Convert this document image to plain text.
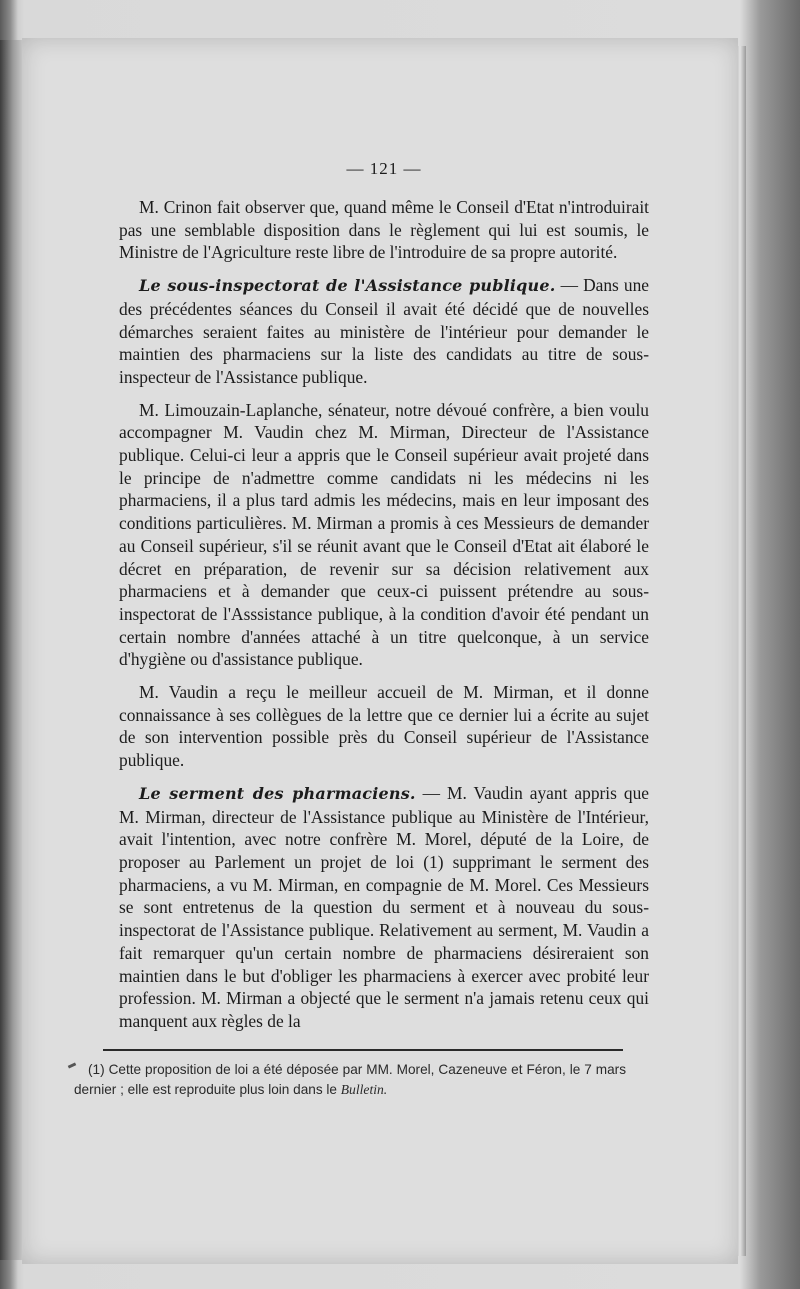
— 121 —

M. Crinon fait observer que, quand même le Conseil d'Etat n'introduirait pas une semblable disposition dans le règlement qui lui est soumis, le Ministre de l'Agriculture reste libre de l'introduire de sa propre autorité.

Le sous-inspectorat de l'Assistance publique. — Dans une des précédentes séances du Conseil il avait été décidé que de nouvelles démarches seraient faites au ministère de l'intérieur pour demander le maintien des pharmaciens sur la liste des candidats au titre de sous-inspecteur de l'Assistance publique.

M. Limouzain-Laplanche, sénateur, notre dévoué confrère, a bien voulu accompagner M. Vaudin chez M. Mirman, Directeur de l'Assistance publique. Celui-ci leur a appris que le Conseil supérieur avait projeté dans le principe de n'admettre comme candidats ni les médecins ni les pharmaciens, il a plus tard admis les médecins, mais en leur imposant des conditions particulières. M. Mirman a promis à ces Messieurs de demander au Conseil supérieur, s'il se réunit avant que le Conseil d'Etat ait élaboré le décret en préparation, de revenir sur sa décision relativement aux pharmaciens et à demander que ceux-ci puissent prétendre au sous-inspectorat de l'Asssistance publique, à la condition d'avoir été pendant un certain nombre d'années attaché à un titre quelconque, à un service d'hygiène ou d'assistance publique.

M. Vaudin a reçu le meilleur accueil de M. Mirman, et il donne connaissance à ses collègues de la lettre que ce dernier lui a écrite au sujet de son intervention possible près du Conseil supérieur de l'Assistance publique.

Le serment des pharmaciens. — M. Vaudin ayant appris que M. Mirman, directeur de l'Assistance publique au Ministère de l'Intérieur, avait l'intention, avec notre confrère M. Morel, député de la Loire, de proposer au Parlement un projet de loi (1) supprimant le serment des pharmaciens, a vu M. Mirman, en compagnie de M. Morel. Ces Messieurs se sont entretenus de la question du serment et à nouveau du sous-inspectorat de l'Assistance publique. Relativement au serment, M. Vaudin a fait remarquer qu'un certain nombre de pharmaciens désireraient son maintien dans le but d'obliger les pharmaciens à exercer avec probité leur profession. M. Mirman a objecté que le serment n'a jamais retenu ceux qui manquent aux règles de la

(1) Cette proposition de loi a été déposée par MM. Morel, Cazeneuve et Féron, le 7 mars dernier ; elle est reproduite plus loin dans le Bulletin.
